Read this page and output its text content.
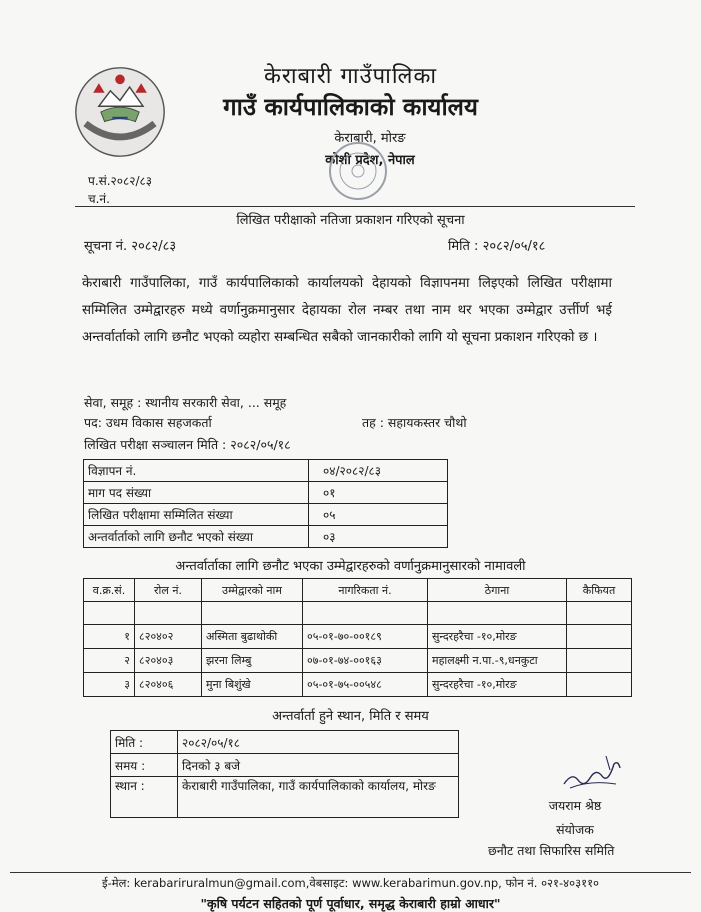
केराबारी गाउँपालिका
गाउँ कार्यपालिकाको कार्यालय
केराबारी, मोरङ
कोशी प्रदेश, नेपाल
प.सं.२०८२/८३
च.नं.
लिखित परीक्षाको नतिजा प्रकाशन गरिएको सूचना
सूचना नं. २०८२/८३	मिति : २०८२/०५/१८
केराबारी गाउँपालिका, गाउँ कार्यपालिकाको कार्यालयको देहायको विज्ञापनमा लिइएको लिखित परीक्षामा सम्मिलित उम्मेद्वारहरु मध्ये वर्णानुक्रमानुसार देहायका रोल नम्बर तथा नाम थर भएका उम्मेद्वार उर्त्तीर्ण भई अन्तर्वार्ताको लागि छनौट भएको व्यहोरा सम्बन्धित सबैको जानकारीको लागि यो सूचना प्रकाशन गरिएको छ ।
सेवा, समूह : स्थानीय सरकारी सेवा, ... समूह
पद: उधम विकास सहजकर्ता	तह : सहायकस्तर चौथो
लिखित परीक्षा सञ्चालन मिति : २०८२/०५/१८
विज्ञापन नं.	०४/२०८२/८३
माग पद संख्या	०१
लिखित परीक्षामा सम्मिलित संख्या	०५
अन्तर्वार्ताको लागि छनौट भएको संख्या	०३
अन्तर्वार्ताका लागि छनौट भएका उम्मेद्वारहरुको वर्णानुक्रमानुसारको नामावली
व.क्र.सं.	रोल नं.	उम्मेद्वारको नाम	नागरिकता नं.	ठेगाना	कैफियत

१	८२०४०२	अस्मिता बुढाथोकी	०५-०१-७०-००१८९	सुन्दरहरैचा -१०,मोरङ	
२	८२०४०३	झरना लिम्बु	०७-०१-७४-००१६३	महालक्ष्मी न.पा.-९,धनकुटा	
३	८२०४०६	मुना बिशुंखे	०५-०१-७५-००५४८	सुन्दरहरैचा -१०,मोरङ	
अन्तर्वार्ता हुने स्थान, मिति र समय
मिति :	२०८२/०५/१८
समय :	दिनको ३ बजे
स्थान :	केराबारी गाउँपालिका, गाउँ कार्यपालिकाको कार्यालय, मोरङ
जयराम श्रेष्ठ
संयोजक
छनौट तथा सिफारिस समिति
ई-मेल: kerabariruralmun@gmail.com,वेबसाइट: www.kerabarimun.gov.np, फोन नं. ०२१-४०३११०
"कृषि पर्यटन सहितको पूर्ण पूर्वाधार, समृद्ध केराबारी हाम्रो आधार"
